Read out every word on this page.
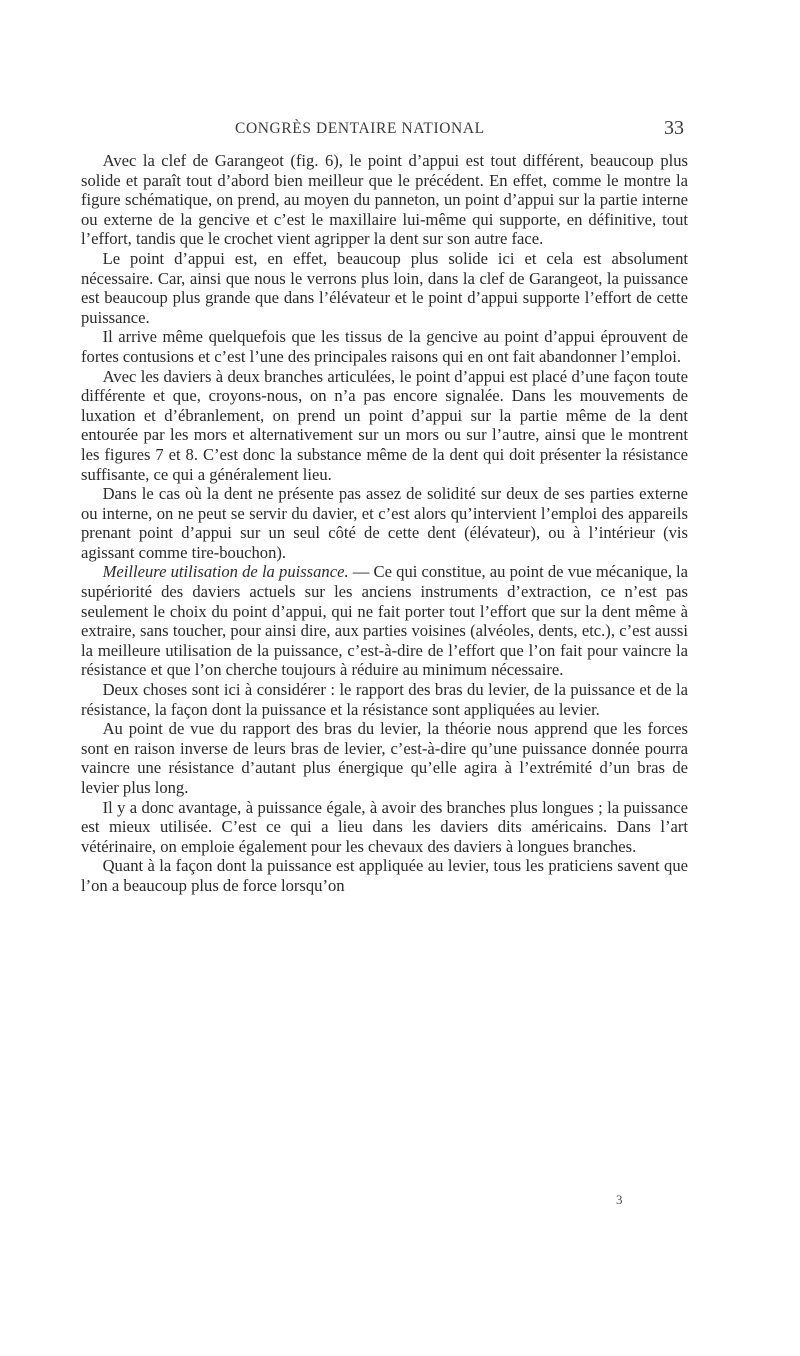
CONGRÈS DENTAIRE NATIONAL	33

Avec la clef de Garangeot (fig. 6), le point d’appui est tout différent, beaucoup plus solide et paraît tout d’abord bien meilleur que le précédent. En effet, comme le montre la figure schématique, on prend, au moyen du panneton, un point d’appui sur la partie interne ou externe de la gencive et c’est le maxillaire lui-même qui supporte, en définitive, tout l’effort, tandis que le crochet vient agripper la dent sur son autre face.

Le point d’appui est, en effet, beaucoup plus solide ici et cela est absolument nécessaire. Car, ainsi que nous le verrons plus loin, dans la clef de Garangeot, la puissance est beaucoup plus grande que dans l’élévateur et le point d’appui supporte l’effort de cette puissance.

Il arrive même quelquefois que les tissus de la gencive au point d’appui éprouvent de fortes contusions et c’est l’une des principales raisons qui en ont fait abandonner l’emploi.

Avec les daviers à deux branches articulées, le point d’appui est placé d’une façon toute différente et que, croyons-nous, on n’a pas encore signalée. Dans les mouvements de luxation et d’ébranlement, on prend un point d’appui sur la partie même de la dent entourée par les mors et alternativement sur un mors ou sur l’autre, ainsi que le montrent les figures 7 et 8. C’est donc la substance même de la dent qui doit présenter la résistance suffisante, ce qui a généralement lieu.

Dans le cas où la dent ne présente pas assez de solidité sur deux de ses parties externe ou interne, on ne peut se servir du davier, et c’est alors qu’intervient l’emploi des appareils prenant point d’appui sur un seul côté de cette dent (élévateur), ou à l’intérieur (vis agissant comme tire-bouchon).

Meilleure utilisation de la puissance. — Ce qui constitue, au point de vue mécanique, la supériorité des daviers actuels sur les anciens instruments d’extraction, ce n’est pas seulement le choix du point d’appui, qui ne fait porter tout l’effort que sur la dent même à extraire, sans toucher, pour ainsi dire, aux parties voisines (alvéoles, dents, etc.), c’est aussi la meilleure utilisation de la puissance, c’est-à-dire de l’effort que l’on fait pour vaincre la résistance et que l’on cherche toujours à réduire au minimum nécessaire.

Deux choses sont ici à considérer : le rapport des bras du levier, de la puissance et de la résistance, la façon dont la puissance et la résistance sont appliquées au levier.

Au point de vue du rapport des bras du levier, la théorie nous apprend que les forces sont en raison inverse de leurs bras de levier, c’est-à-dire qu’une puissance donnée pourra vaincre une résistance d’autant plus énergique qu’elle agira à l’extrémité d’un bras de levier plus long.

Il y a donc avantage, à puissance égale, à avoir des branches plus longues ; la puissance est mieux utilisée. C’est ce qui a lieu dans les daviers dits américains. Dans l’art vétérinaire, on emploie également pour les chevaux des daviers à longues branches.

Quant à la façon dont la puissance est appliquée au levier, tous les praticiens savent que l’on a beaucoup plus de force lorsqu’on

3
